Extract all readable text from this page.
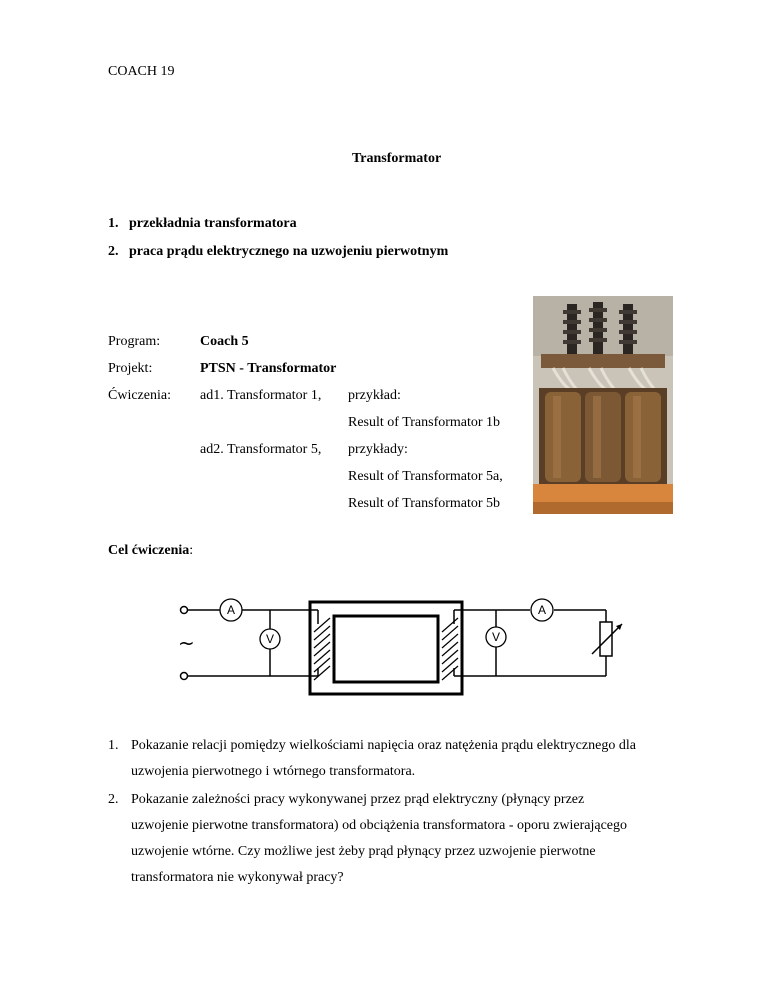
COACH 19
Transformator
1. przekładnia transformatora
2. praca prądu elektrycznego na uzwojeniu pierwotnym
Program:	Coach 5
Projekt:	PTSN - Transformator
Ćwiczenia: ad1. Transformator 1, przykład:
Result of Transformator 1b
ad2. Transformator 5, przykłady:
Result of Transformator 5a,
Result of Transformator 5b
Cel ćwiczenia:
A
V
A
V
~
1. Pokazanie relacji pomiędzy wielkościami napięcia oraz natężenia prądu elektrycznego dla
uzwojenia pierwotnego i wtórnego transformatora.
2. Pokazanie zależności pracy wykonywanej przez prąd elektryczny (płynący przez
uzwojenie pierwotne transformatora) od obciążenia transformatora - oporu zwierającego
uzwojenie wtórne. Czy możliwe jest żeby prąd płynący przez uzwojenie pierwotne
transformatora nie wykonywał pracy?
